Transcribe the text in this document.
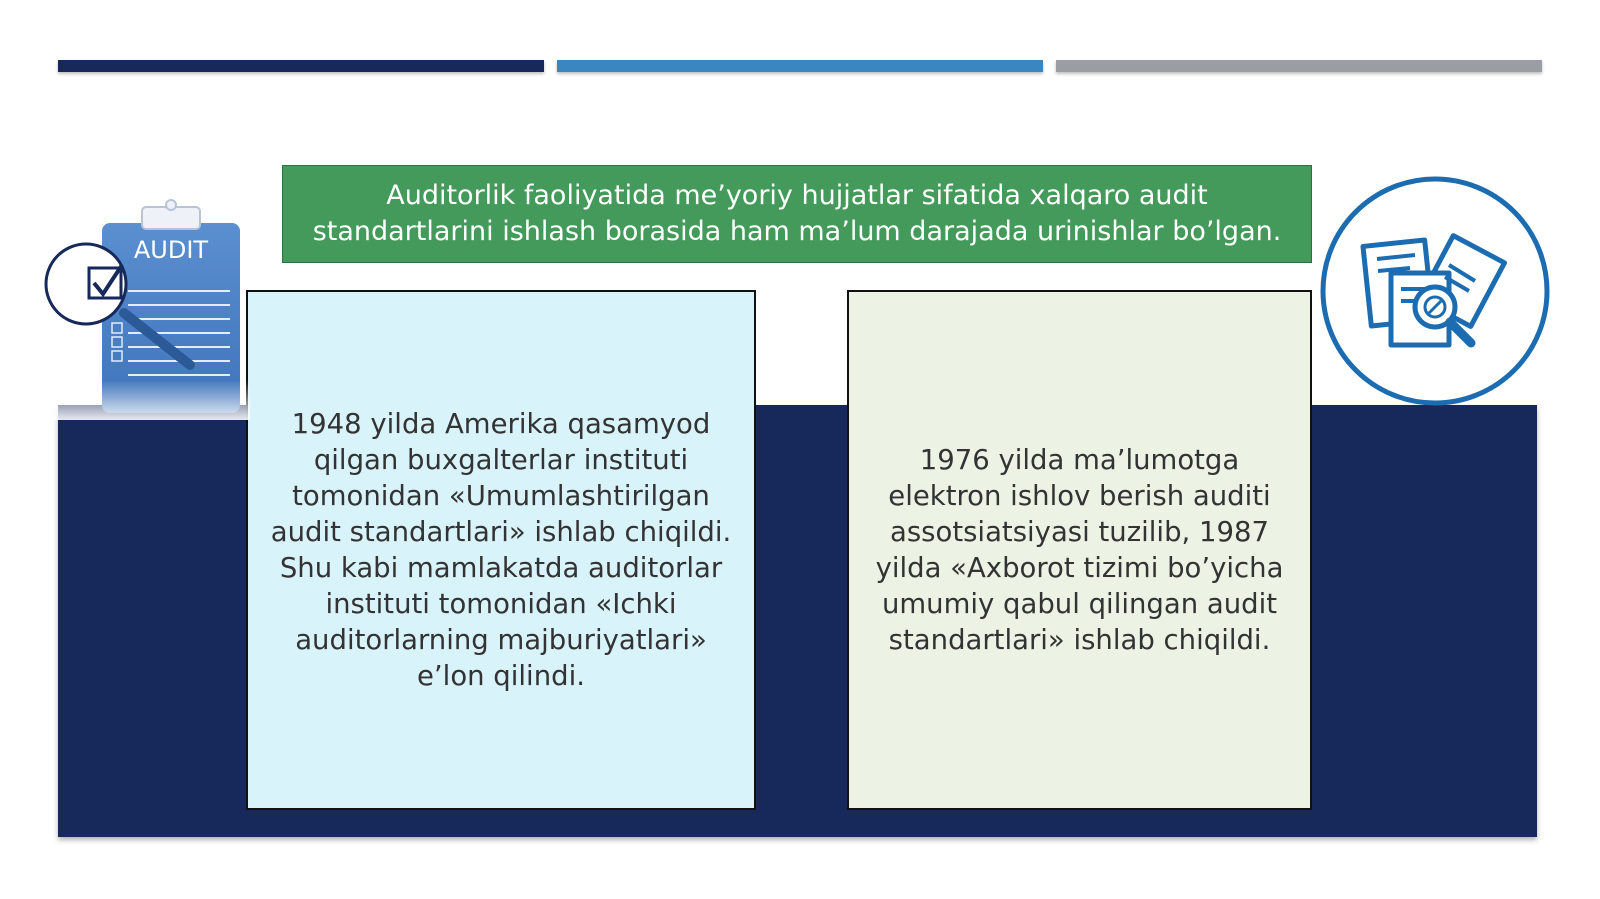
Auditorlik faoliyatida me’yoriy hujjatlar sifatida xalqaro audit standartlarini ishlash borasida ham ma’lum darajada urinishlar bo’lgan.
1948 yilda Amerika qasamyod qilgan buxgalterlar instituti tomonidan «Umumlashtirilgan audit standartlari» ishlab chiqildi. Shu kabi mamlakatda auditorlar instituti tomonidan «Ichki auditorlarning majburiyatlari» e’lon qilindi.
1976 yilda ma’lumotga elektron ishlov berish auditi assotsiatsiyasi tuzilib, 1987 yilda «Axborot tizimi bo’yicha umumiy qabul qilingan audit standartlari» ishlab chiqildi.
AUDIT
